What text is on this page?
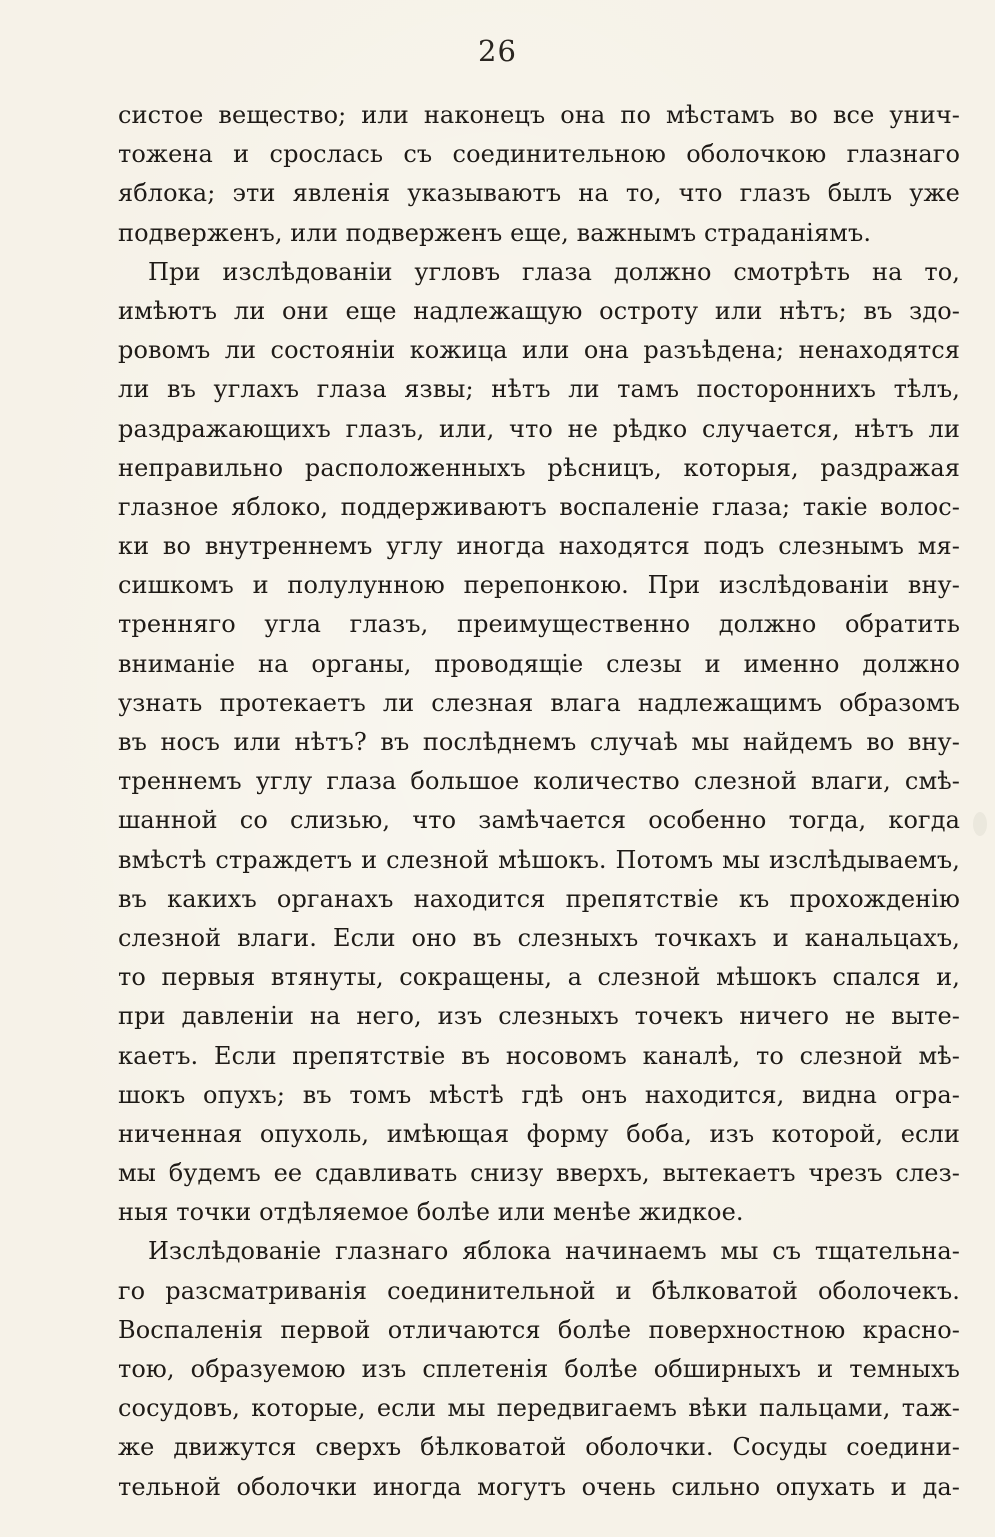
26
систое вещество; или наконецъ она по мѣстамъ во все унич-
тожена и срослась съ соединительною оболочкою глазнаго
яблока; эти явленія указываютъ на то, что глазъ былъ уже
подверженъ, или подверженъ еще, важнымъ страданіямъ.
При изслѣдованіи угловъ глаза должно смотрѣть на то,
имѣютъ ли они еще надлежащую остроту или нѣтъ; въ здо-
ровомъ ли состояніи кожица или она разъѣдена; ненаходятся
ли въ углахъ глаза язвы; нѣтъ ли тамъ постороннихъ тѣлъ,
раздражающихъ глазъ, или, что не рѣдко случается, нѣтъ ли
неправильно расположенныхъ рѣсницъ, которыя, раздражая
глазное яблоко, поддерживаютъ воспаленіе глаза; такіе волос-
ки во внутреннемъ углу иногда находятся подъ слезнымъ мя-
сишкомъ и полулунною перепонкою. При изслѣдованіи вну-
тренняго угла глазъ, преимущественно должно обратить
вниманіе на органы, проводящіе слезы и именно должно
узнать протекаетъ ли слезная влага надлежащимъ образомъ
въ носъ или нѣтъ? въ послѣднемъ случаѣ мы найдемъ во вну-
треннемъ углу глаза большое количество слезной влаги, смѣ-
шанной со слизью, что замѣчается особенно тогда, когда
вмѣстѣ страждетъ и слезной мѣшокъ. Потомъ мы изслѣдываемъ,
въ какихъ органахъ находится препятствіе къ прохожденію
слезной влаги. Если оно въ слезныхъ точкахъ и канальцахъ,
то первыя втянуты, сокращены, а слезной мѣшокъ спался и,
при давленіи на него, изъ слезныхъ точекъ ничего не выте-
каетъ. Если препятствіе въ носовомъ каналѣ, то слезной мѣ-
шокъ опухъ; въ томъ мѣстѣ гдѣ онъ находится, видна огра-
ниченная опухоль, имѣющая форму боба, изъ которой, если
мы будемъ ее сдавливать снизу вверхъ, вытекаетъ чрезъ слез-
ныя точки отдѣляемое болѣе или менѣе жидкое.
Изслѣдованіе глазнаго яблока начинаемъ мы съ тщательна-
го разсматриванія соединительной и бѣлковатой оболочекъ.
Воспаленія первой отличаются болѣе поверхностною красно-
тою, образуемою изъ сплетенія болѣе обширныхъ и темныхъ
сосудовъ, которые, если мы передвигаемъ вѣки пальцами, таж-
же движутся сверхъ бѣлковатой оболочки. Сосуды соедини-
тельной оболочки иногда могутъ очень сильно опухать и да-
